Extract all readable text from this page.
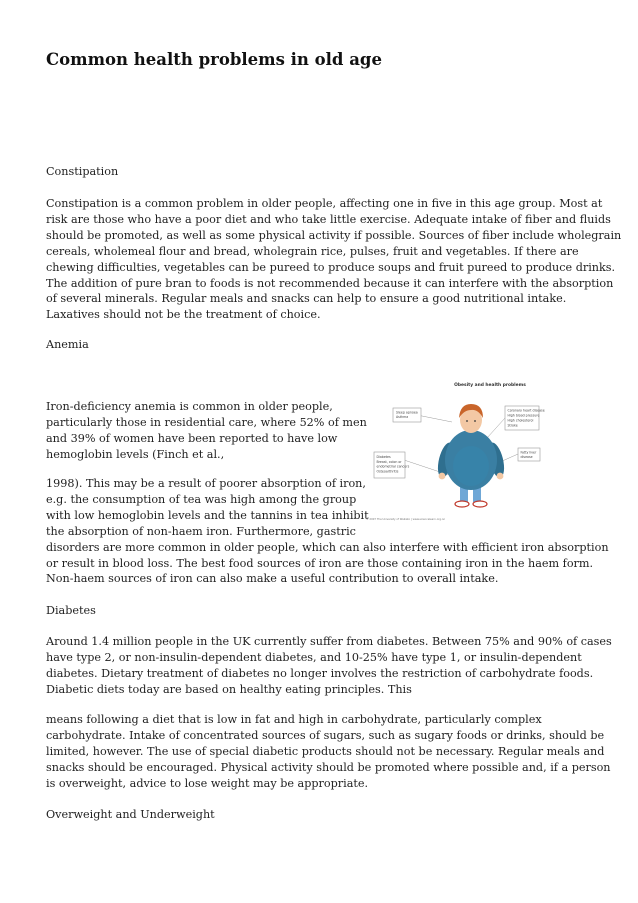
Common health problems in old age

Constipation

Constipation is a common problem in older people, affecting one in five in this age group. Most at
risk are those who have a poor diet and who take little exercise. Adequate intake of fiber and fluids
should be promoted, as well as some physical activity if possible. Sources of fiber include wholegrain
cereals, wholemeal flour and bread, wholegrain rice, pulses, fruit and vegetables. If there are
chewing difficulties, vegetables can be pureed to produce soups and fruit pureed to produce drinks.
The addition of pure bran to foods is not recommended because it can interfere with the absorption
of several minerals. Regular meals and snacks can help to ensure a good nutritional intake.
Laxatives should not be the treatment of choice.

Anemia

Iron-deficiency anemia is common in older people,
particularly those in residential care, where 52% of men
and 39% of women have been reported to have low
hemoglobin levels (Finch et al.,

1998). This may be a result of poorer absorption of iron,
e.g. the consumption of tea was high among the group
with low hemoglobin levels and the tannins in tea inhibit
the absorption of non-haem iron. Furthermore, gastric
disorders are more common in older people, which can also interfere with efficient iron absorption
or result in blood loss. The best food sources of iron are those containing iron in the haem form.
Non-haem sources of iron can also make a useful contribution to overall intake.

Obesity and health problems
Sleep apnoea Asthma
Diabetes Breast, colon or endometrial cancers Osteoarthritis
Coronary heart disease High blood pressure High cholesterol Stroke
Fatty liver disease
© 2007 The University of Waikato | www.sciencelearn.org.nz

Diabetes

Around 1.4 million people in the UK currently suffer from diabetes. Between 75% and 90% of cases
have type 2, or non-insulin-dependent diabetes, and 10-25% have type 1, or insulin-dependent
diabetes. Dietary treatment of diabetes no longer involves the restriction of carbohydrate foods.
Diabetic diets today are based on healthy eating principles. This

means following a diet that is low in fat and high in carbohydrate, particularly complex
carbohydrate. Intake of concentrated sources of sugars, such as sugary foods or drinks, should be
limited, however. The use of special diabetic products should not be necessary. Regular meals and
snacks should be encouraged. Physical activity should be promoted where possible and, if a person
is overweight, advice to lose weight may be appropriate.

Overweight and Underweight
